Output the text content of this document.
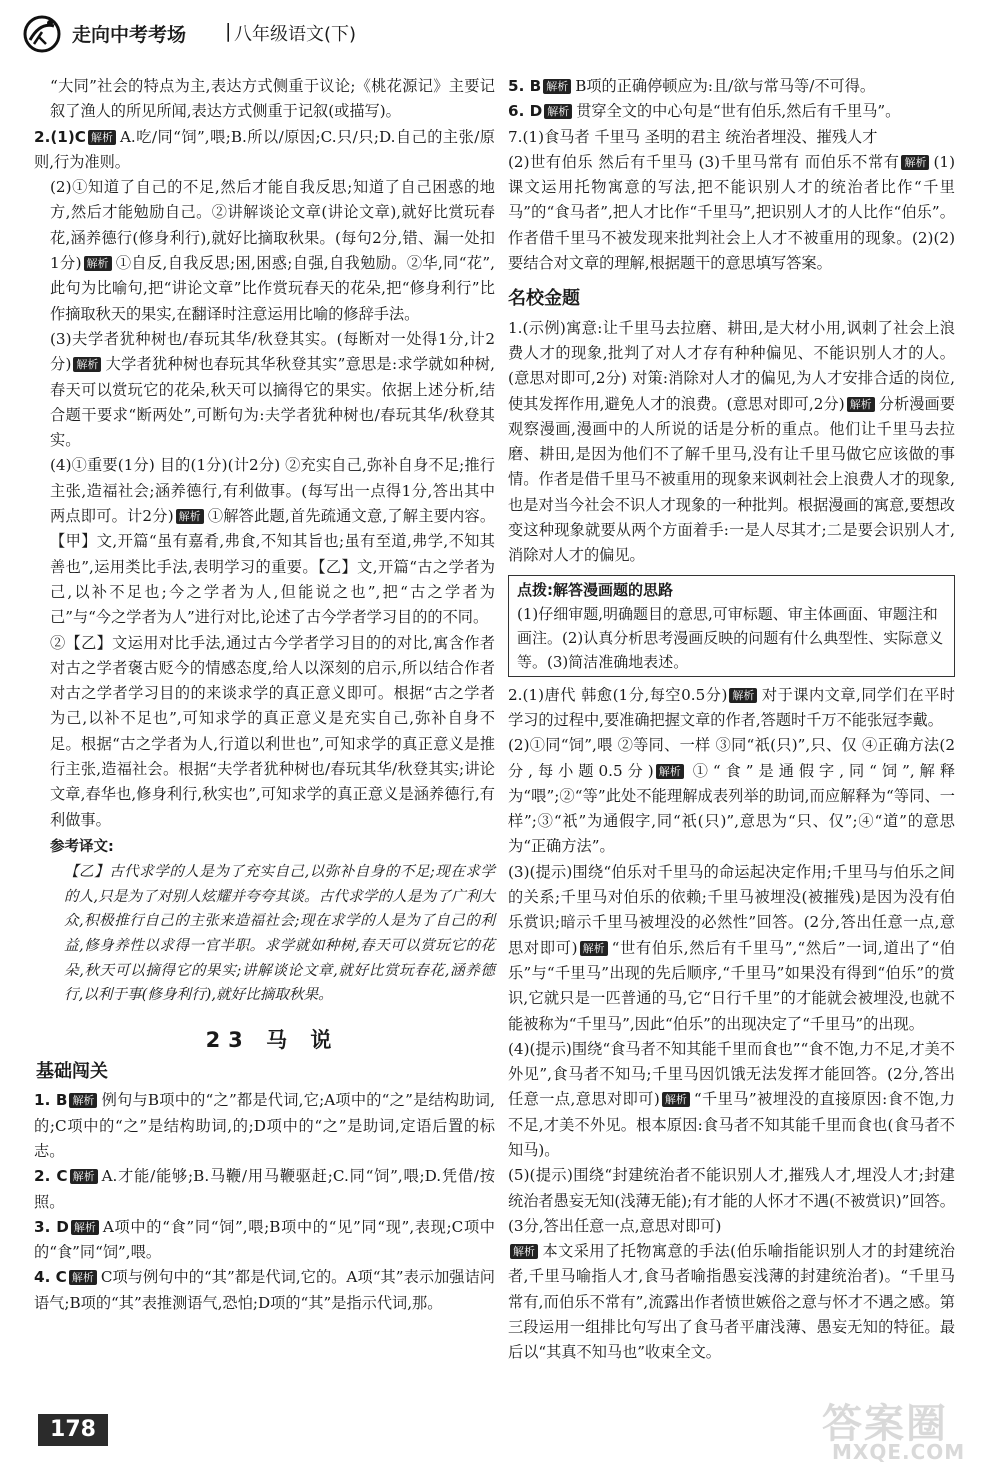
走向中考考场 | 八年级语文(下)

“大同”社会的特点为主,表达方式侧重于议论;《桃花源记》主要记叙了渔人的所见所闻,表达方式侧重于记叙(或描写)。

2.(1)C 解析 A.吃/同“饲”,喂;B.所以/原因;C.只/只;D.自己的主张/原则,行为准则。

(2)①知道了自己的不足,然后才能自我反思;知道了自己困惑的地方,然后才能勉励自己。②讲解谈论文章(讲论文章),就好比赏玩春花,涵养德行(修身利行),就好比摘取秋果。(每句2分,错、漏一处扣1分) 解析 ①自反,自我反思;困,困惑;自强,自我勉励。②华,同“花”,此句为比喻句,把“讲论文章”比作赏玩春天的花朵,把“修身利行”比作摘取秋天的果实,在翻译时注意运用比喻的修辞手法。

(3)夫学者犹种树也/春玩其华/秋登其实。(每断对一处得1分,计2分) 解析 大学者犹种树也春玩其华秋登其实”意思是:求学就如种树,春天可以赏玩它的花朵,秋天可以摘得它的果实。依据上述分析,结合题干要求“断两处”,可断句为:夫学者犹种树也/春玩其华/秋登其实。

(4)①重要(1分) 目的(1分)(计2分) ②充实自己,弥补自身不足;推行主张,造福社会;涵养德行,有利做事。(每写出一点得1分,答出其中两点即可。计2分) 解析 ①解答此题,首先疏通文意,了解主要内容。【甲】文,开篇“虽有嘉肴,弗食,不知其旨也;虽有至道,弗学,不知其善也”,运用类比手法,表明学习的重要。【乙】文,开篇“古之学者为己,以补不足也;今之学者为人,但能说之也”,把“古之学者为己”与“今之学者为人”进行对比,论述了古今学者学习目的的不同。

②【乙】文运用对比手法,通过古今学者学习目的的对比,寓含作者对古之学者褒古贬今的情感态度,给人以深刻的启示,所以结合作者对古之学者学习目的的来谈求学的真正意义即可。根据“古之学者为己,以补不足也”,可知求学的真正意义是充实自己,弥补自身不足。根据“古之学者为人,行道以利世也”,可知求学的真正意义是推行主张,造福社会。根据“夫学者犹种树也/春玩其华/秋登其实;讲论文章,春华也,修身利行,秋实也”,可知求学的真正意义是涵养德行,有利做事。

参考译文:

【乙】古代求学的人是为了充实自己,以弥补自身的不足;现在求学的人,只是为了对别人炫耀并夸夸其谈。古代求学的人是为了广利大众,积极推行自己的主张来造福社会;现在求学的人是为了自己的利益,修身养性以求得一官半职。求学就如种树,春天可以赏玩它的花朵,秋天可以摘得它的果实;讲解谈论文章,就好比赏玩春花,涵养德行,以利于事(修身利行),就好比摘取秋果。

23 马 说
基础闯关

1. B 解析 例句与B项中的“之”都是代词,它;A项中的“之”是结构助词,的;C项中的“之”是结构助词,的;D项中的“之”是助词,定语后置的标志。

2. C 解析 A.才能/能够;B.马鞭/用马鞭驱赶;C.同“饲”,喂;D.凭借/按照。

3. D 解析 A项中的“食”同“饲”,喂;B项中的“见”同“现”,表现;C项中的“食”同“饲”,喂。

4. C 解析 C项与例句中的“其”都是代词,它的。A项“其”表示加强诘问语气;B项的“其”表推测语气,恐怕;D项的“其”是指示代词,那。

5. B 解析 B项的正确停顿应为:且/欲与常马等/不可得。

6. D 解析 贯穿全文的中心句是“世有伯乐,然后有千里马”。

7.(1)食马者 千里马 圣明的君主 统治者埋没、摧残人才

(2)世有伯乐 然后有千里马 (3)千里马常有 而伯乐不常有 解析 (1)课文运用托物寓意的写法,把不能识别人才的统治者比作“千里马”的“食马者”,把人才比作“千里马”,把识别人才的人比作“伯乐”。作者借千里马不被发现来批判社会上人才不被重用的现象。(2)(2)要结合对文章的理解,根据题干的意思填写答案。

名校金题

1.(示例)寓意:让千里马去拉磨、耕田,是大材小用,讽刺了社会上浪费人才的现象,批判了对人才存有种种偏见、不能识别人才的人。(意思对即可,2分) 对策:消除对人才的偏见,为人才安排合适的岗位,使其发挥作用,避免人才的浪费。(意思对即可,2分) 解析 分析漫画要观察漫画,漫画中的人所说的话是分析的重点。他们让千里马去拉磨、耕田,是因为他们不了解千里马,没有让千里马做它应该做的事情。作者是借千里马不被重用的现象来讽刺社会上浪费人才的现象,也是对当今社会不识人才现象的一种批判。根据漫画的寓意,要想改变这种现象就要从两个方面着手:一是人尽其才;二是要会识别人才,消除对人才的偏见。

点拨:解答漫画题的思路
(1)仔细审题,明确题目的意思,可审标题、审主体画面、审题注和画注。(2)认真分析思考漫画反映的问题有什么典型性、实际意义等。(3)简洁准确地表述。

2.(1)唐代 韩愈(1分,每空0.5分) 解析 对于课内文章,同学们在平时学习的过程中,要准确把握文章的作者,答题时千万不能张冠李戴。

(2)①同“饲”,喂 ②等同、一样 ③同“祇(只)”,只、仅 ④正确方法(2分,每小题0.5分) 解析 ①“食”是通假字,同“饲”,解释为“喂”;②“等”此处不能理解成表列举的助词,而应解释为“等同、一样”;③“祇”为通假字,同“祇(只)”,意思为“只、仅”;④“道”的意思为“正确方法”。

(3)(提示)围绕“伯乐对千里马的命运起决定作用;千里马与伯乐之间的关系;千里马对伯乐的依赖;千里马被埋没(被摧残)是因为没有伯乐赏识;暗示千里马被埋没的必然性”回答。(2分,答出任意一点,意思对即可) 解析 “世有伯乐,然后有千里马”,“然后”一词,道出了“伯乐”与“千里马”出现的先后顺序,“千里马”如果没有得到“伯乐”的赏识,它就只是一匹普通的马,它“日行千里”的才能就会被埋没,也就不能被称为“千里马”,因此“伯乐”的出现决定了“千里马”的出现。

(4)(提示)围绕“食马者不知其能千里而食也”“食不饱,力不足,才美不外见”,食马者不知马;千里马因饥饿无法发挥才能回答。(2分,答出任意一点,意思对即可) 解析 “千里马”被埋没的直接原因:食不饱,力不足,才美不外见。根本原因:食马者不知其能千里而食也(食马者不知马)。

(5)(提示)围绕“封建统治者不能识别人才,摧残人才,埋没人才;封建统治者愚妄无知(浅薄无能);有才能的人怀才不遇(不被赏识)”回答。(3分,答出任意一点,意思对即可)

解析 本文采用了托物寓意的手法(伯乐喻指能识别人才的封建统治者,千里马喻指人才,食马者喻指愚妄浅薄的封建统治者)。“千里马常有,而伯乐不常有”,流露出作者愤世嫉俗之意与怀才不遇之感。第三段运用一组排比句写出了食马者平庸浅薄、愚妄无知的特征。最后以“其真不知马也”收束全文。

178	答案圈
MXQE.COM
